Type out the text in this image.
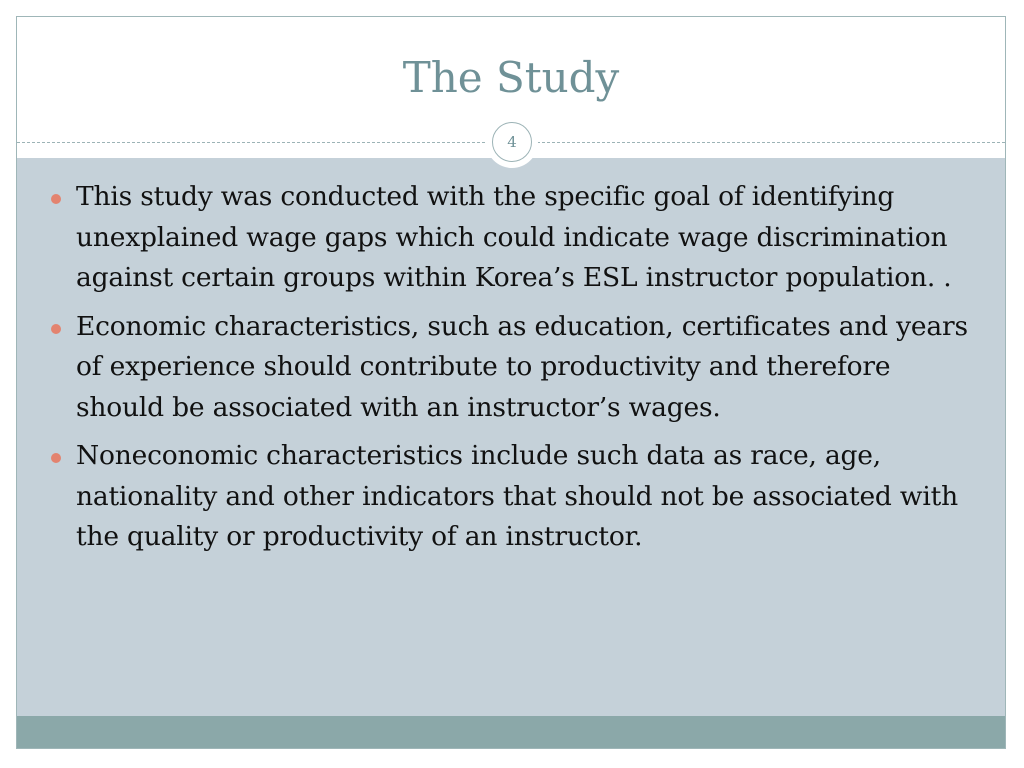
The Study
4
This study was conducted with the specific goal of identifying unexplained wage gaps which could indicate wage discrimination against certain groups within Korea’s ESL instructor population. .
Economic characteristics, such as education, certificates and years of experience should contribute to productivity and therefore should be associated with an instructor’s wages.
Noneconomic characteristics include such data as race, age, nationality and other indicators that should not be associated with the quality or productivity of an instructor.
